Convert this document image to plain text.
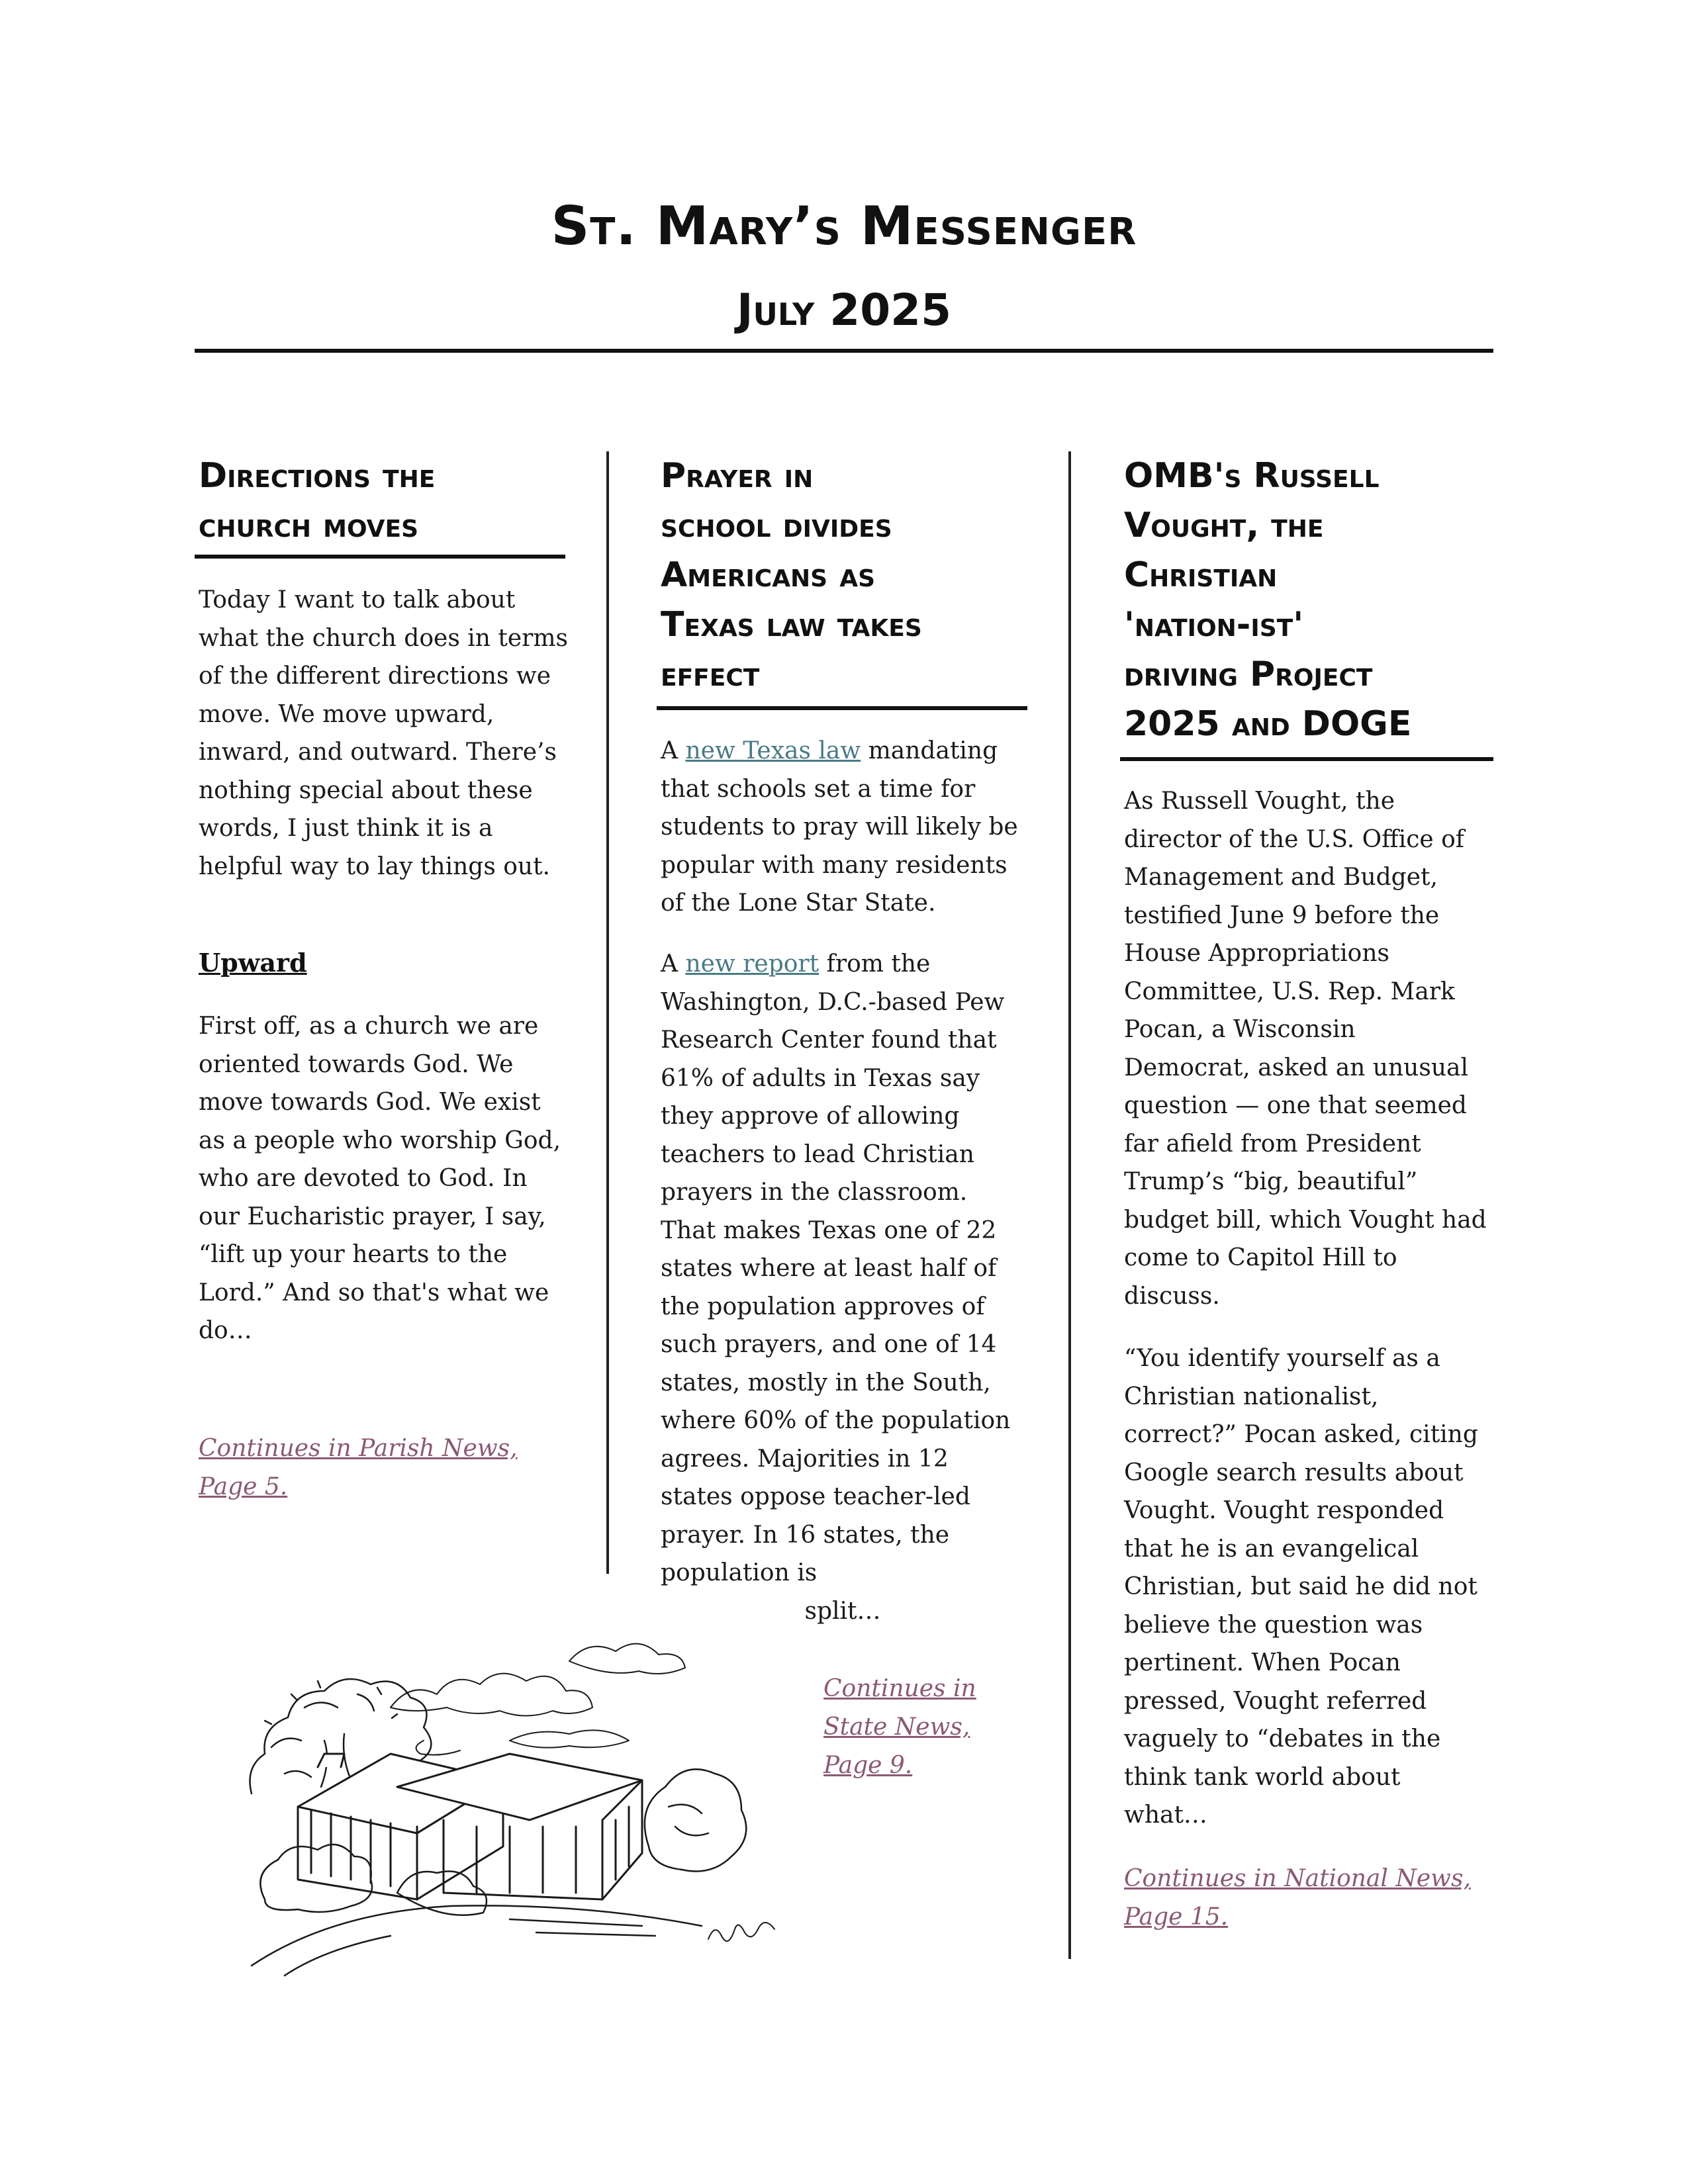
St. Mary’s Messenger
July 2025
Directions the
church moves

Today I want to talk about what the church does in terms of the different directions we move. We move upward, inward, and outward. There’s nothing special about these words, I just think it is a helpful way to lay things out.

Upward

First off, as a church we are oriented towards God. We move towards God. We exist as a people who worship God, who are devoted to God. In our Eucharistic prayer, I say, “lift up your hearts to the Lord.” And so that's what we do…

Continues in Parish News,
Page 5.
Prayer in
school divides
Americans as
Texas law takes
effect

A new Texas law mandating that schools set a time for students to pray will likely be popular with many residents of the Lone Star State.

A new report from the Washington, D.C.-based Pew Research Center found that 61% of adults in Texas say they approve of allowing teachers to lead Christian prayers in the classroom. That makes Texas one of 22 states where at least half of the population approves of such prayers, and one of 14 states, mostly in the South, where 60% of the population agrees. Majorities in 12 states oppose teacher-led prayer. In 16 states, the population is

split…

Continues in
State News,
Page 9.
OMB's Russell
Vought, the
Christian
'nation-ist'
driving Project
2025 and DOGE

As Russell Vought, the director of the U.S. Office of Management and Budget, testified June 9 before the House Appropriations Committee, U.S. Rep. Mark Pocan, a Wisconsin Democrat, asked an unusual question — one that seemed far afield from President Trump’s “big, beautiful” budget bill, which Vought had come to Capitol Hill to discuss.

“You identify yourself as a Christian nationalist, correct?” Pocan asked, citing Google search results about Vought. Vought responded that he is an evangelical Christian, but said he did not believe the question was pertinent. When Pocan pressed, Vought referred vaguely to “debates in the think tank world about what…

Continues in National News,
Page 15.
